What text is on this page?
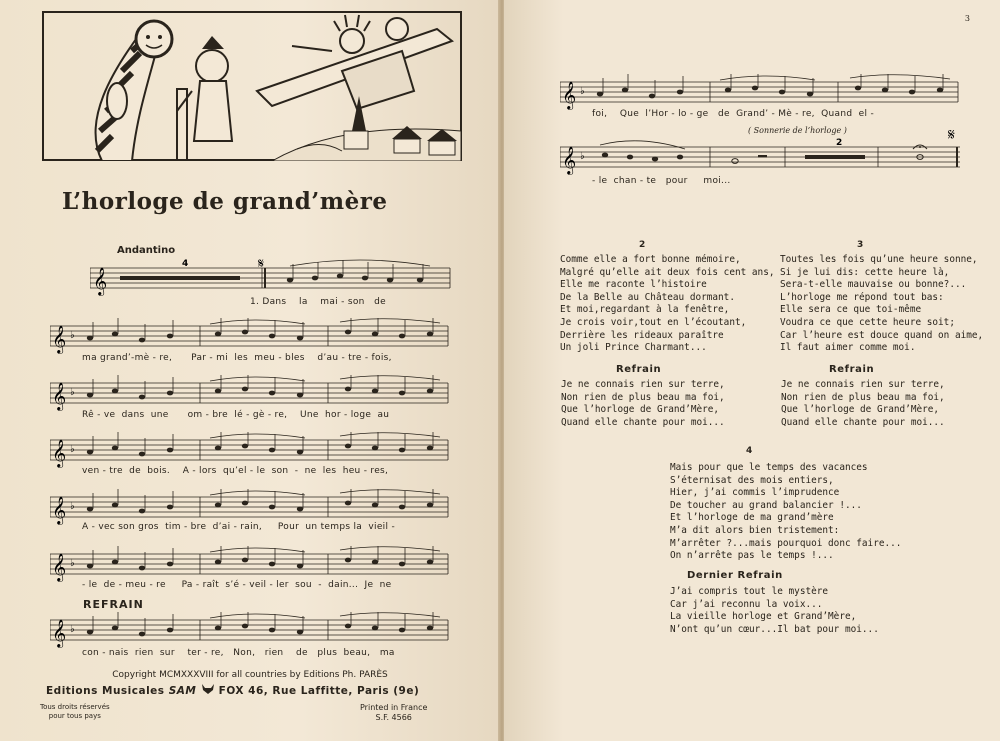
L’horloge de grand’mère
Andantino
REFRAIN
4
𝄞
𝄋
1. Dans    la    mai - son   de
ma grand’-mè - re,      Par - mi  les  meu - bles    d’au - tre - fois,
Rê - ve  dans  une      om - bre  lé - gè - re,    Une  hor - loge  au
ven - tre  de  bois.    A - lors  qu’el - le  son  -  ne  les  heu - res,
A - vec son gros  tim - bre  d’ai - rain,     Pour  un temps la  vieil -
- le  de - meu - re     Pa - raît  s’é - veil - ler  sou  -  dain...  Je  ne
con - nais  rien  sur    ter - re,   Non,   rien    de   plus  beau,   ma
Copyright MCMXXXVIII for all countries by Editions Ph. PARÈS
Editions Musicales SAM FOX 46, Rue Laffitte, Paris (9e)
Tous droits réservés
pour tous pays
Printed in France
S.F. 4566
3
foi,    Que  l’Hor - lo - ge   de  Grand’ - Mè - re,  Quand  el -
( Sonnerie de l’horloge )
𝄞 ♭
2	𝄋
- le  chan - te   pour     moi...
2
Comme elle a fort bonne mémoire,
Malgré qu’elle ait deux fois cent ans,
Elle me raconte l’histoire
De la Belle au Château dormant.
Et moi,regardant à la fenêtre,
Je crois voir,tout en l’écoutant,
Derrière les rideaux paraître
Un joli Prince Charmant...
3
Toutes les fois qu’une heure sonne,
Si je lui dis: cette heure là,
Sera-t-elle mauvaise ou bonne?...
L’horloge me répond tout bas:
Elle sera ce que toi-même
Voudra ce que cette heure soit;
Car l’heure est douce quand on aime,
Il faut aimer comme moi.
Refrain
Je ne connais rien sur terre,
Non rien de plus beau ma foi,
Que l’horloge de Grand’Mère,
Quand elle chante pour moi...
Refrain
Je ne connais rien sur terre,
Non rien de plus beau ma foi,
Que l’horloge de Grand’Mère,
Quand elle chante pour moi...
4
Mais pour que le temps des vacances
S’éternisat des mois entiers,
Hier, j’ai commis l’imprudence
De toucher au grand balancier !...
Et l’horloge de ma grand’mère
M’a dit alors bien tristement:
M’arrêter ?...mais pourquoi donc faire...
On n’arrête pas le temps !...
Dernier Refrain
J’ai compris tout le mystère
Car j’ai reconnu la voix...
La vieille horloge et Grand’Mère,
N’ont qu’un cœur...Il bat pour moi...
